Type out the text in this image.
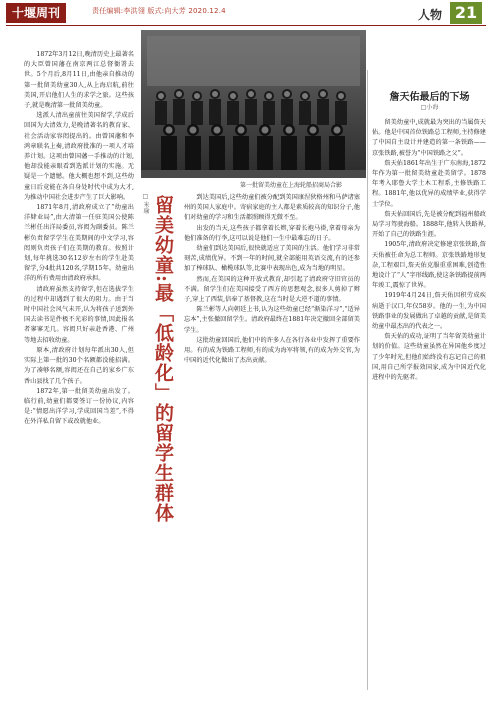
十堰周刊	责任编辑:李洪翎 版式:向大芳 2020.12.4	人物 21

1872年3月12日,晚清历史上最著名的大臣曾国藩在南京两江总督衙署去世。5个月后,8月11日,由他亲自推动的第一批留美幼童30人,从上海启航,前往美国,开启他们人生的求学之旅。这些孩子,就是晚清第一批留美幼童。

选派人清出童前往美国留学,学成后回国为大清效力,是晚清著名的教育家、社会活动家容闳提出的。由曾国藩和李鸿章联名上奏,清政府批准的一项人才培养计划。这项由曾国藩一手推动的计划,他却没能亲眼看到选派计划的实施。无疑是一个遗憾。他大概也想不到,这些幼童日后竟能在各自身处时代中成为大才,为推动中国社会进步产生了巨大影响。

1871年8月,清政府成立了“幼童出洋肄业局”,由大清第一任驻美国公使陈兰彬任出洋局委员,容闳为副委员。陈兰彬负责留学学生在美期间的中文学习,容闳则负责孩子们在美期的教育。按照计划,每年挑选30名12岁左右的学生赴美留学,分4批共120名,学期15年。幼童出洋的所有费用由清政府承担。

清政府虽然支持留学,但在选拔学生的过程中却遇到了很大的阻力。由于当时中国社会风气未开,认为将孩子送到外国去读书是件极不光彩的事情,因此报名者寥寥无几。容闳只好亲赴香港、广州等地去招收幼童。

原本,清政府计划每年派出30人,但实际上第一批的30个名额都没能招满。为了凑够名额,容闳还在自己的家乡广东香山县找了几个孩子。

1872年,第一批留美幼童出发了。临行前,幼童们都要签订一份协议,内容是:“情愿出洋学习,学成回国当差”,不得在外洋私自留下或改就他业。

第一批留美幼童在上海轮船招商局合影
□ 米瑜 留美幼童:最「低龄化」的留学生群体	到达美国后,这些幼童们被分配到美国康涅狄格州和马萨诸塞州的美国人家庭中。寄宿家庭的主人都是素质较高的知识分子,他们对幼童的学习和生活都照顾得无微不至。

出发的当天,这些孩子都拿着长辫,穿着长袍马褂,拿着母亲为他们准备的行李,这可以说是他们一生中最难忘的日子。

幼童们到达美国后,很快就适应了美国的生活。他们学习非常刻苦,成绩优异。不到一年的时间,就全部能用英语交流,有的还参加了棒球队、橄榄球队等,比赛中表现出色,成为当地的明星。

然而,在美国的这种开放式教育,却引起了清政府守旧官员的不满。留学生们在美国接受了西方的思想观念,很多人剪掉了辫子,穿上了西装,信奉了基督教,这在当时是大逆不道的事情。

陈兰彬等人向朝廷上书,认为这些幼童已经“渐染洋习”,“适异忘本”,主张撤回留学生。清政府最终在1881年决定撤回全部留美学生。

这批幼童回国后,他们中的许多人在各行各业中发挥了重要作用。有的成为铁路工程师,有的成为海军将领,有的成为外交官,为中国的近代化做出了杰出贡献。

詹天佑最后的下场
□小海

留美幼童中,成就最为突出的当属詹天佑。他是中国首位铁路总工程师,主持修建了中国自主设计并建造的第一条铁路——京张铁路,被誉为“中国铁路之父”。

詹天佑1861年出生于广东南海,1872年作为第一批留美幼童赴美留学。1878年考入耶鲁大学土木工程系,主修铁路工程。1881年,他以优异的成绩毕业,获得学士学位。

詹天佑回国后,先是被分配到福州船政局学习驾驶海船。1888年,他转入铁路界,开始了自己的铁路生涯。

1905年,清政府决定修建京张铁路,詹天佑被任命为总工程师。京张铁路地形复杂,工程艰巨,詹天佑克服重重困难,创造性地设计了“人”字形线路,使这条铁路提前两年竣工,震惊了世界。

1919年4月24日,詹天佑因积劳成疾病逝于汉口,年仅58岁。他的一生,为中国铁路事业的发展做出了卓越的贡献,是留美幼童中最杰出的代表之一。

詹天佑的成功,证明了当年留美幼童计划的价值。这些幼童虽然在异国他乡度过了少年时光,但他们始终没有忘记自己的祖国,用自己所学报效国家,成为中国近代化进程中的先驱者。
